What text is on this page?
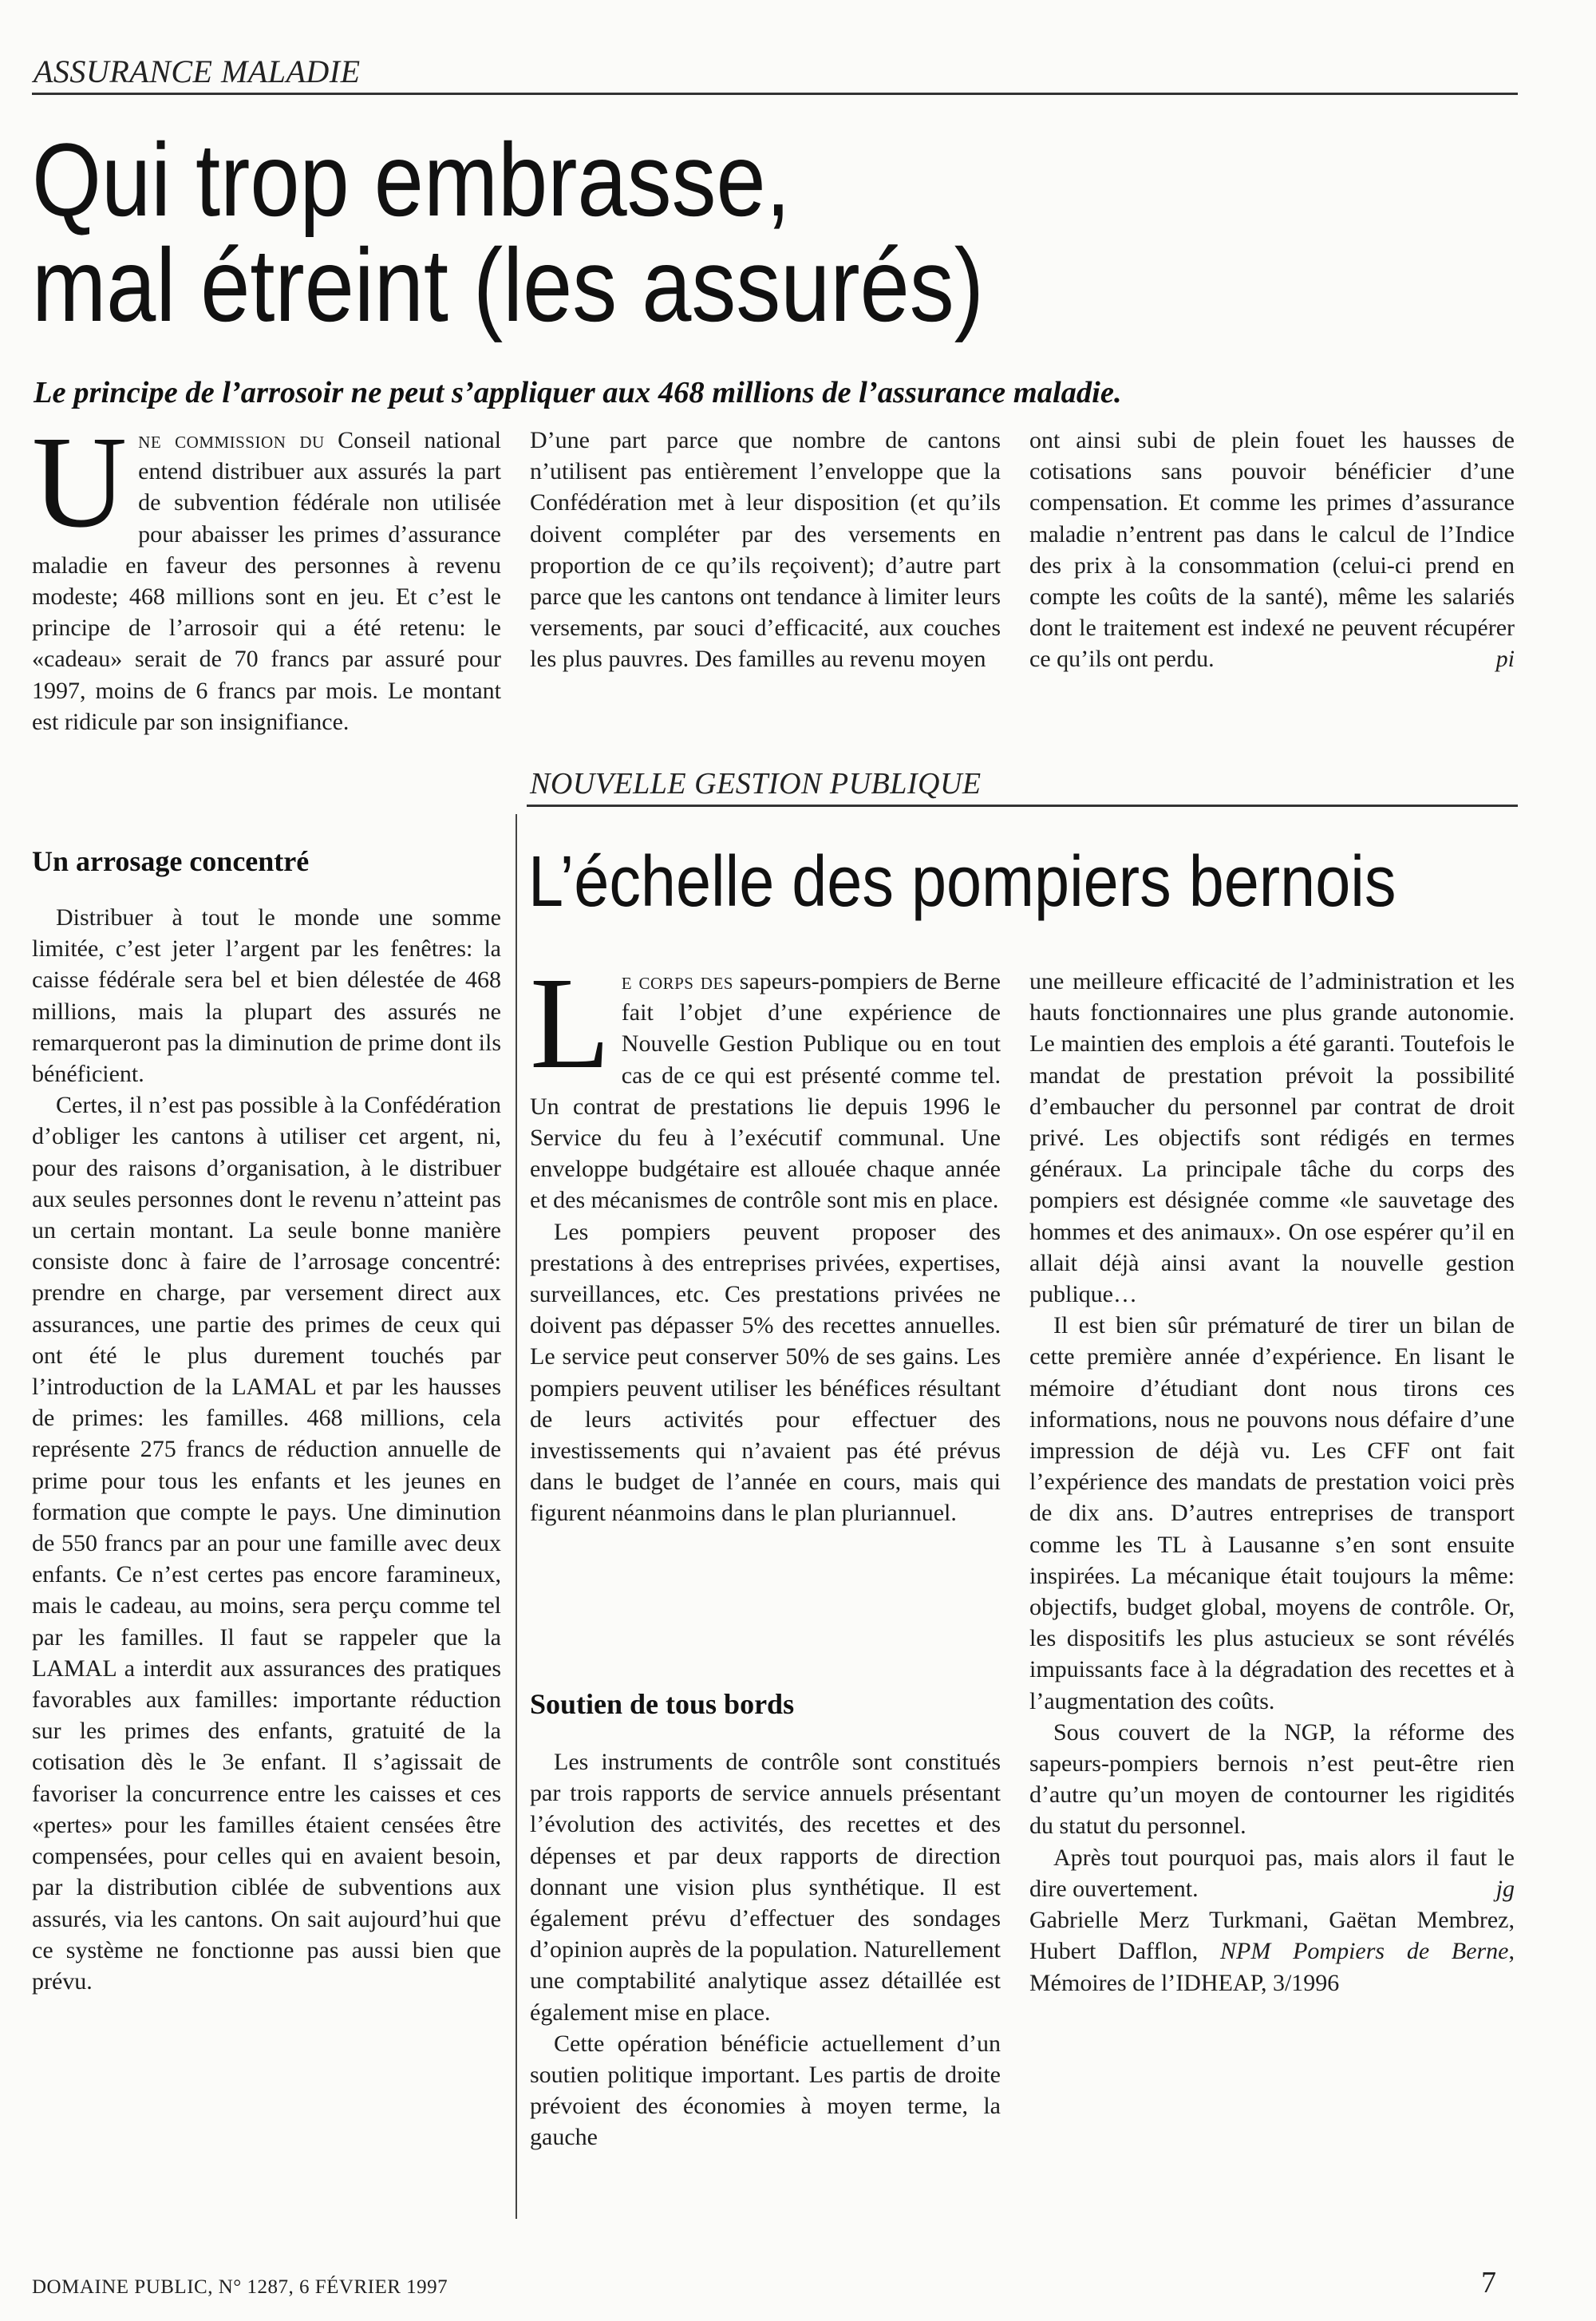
ASSURANCE MALADIE
Qui trop embrasse,
mal étreint (les assurés)
Le principe de l’arrosoir ne peut s’appliquer aux 468 millions de l’assurance maladie.

Une commission du Conseil national entend distribuer aux assurés la part de subvention fédérale non utilisée pour abaisser les primes d’assurance maladie en faveur des personnes à revenu modeste; 468 millions sont en jeu. Et c’est le principe de l’arrosoir qui a été retenu: le «cadeau» serait de 70 francs par assuré pour 1997, moins de 6 francs par mois. Le montant est ridicule par son insignifiance.

Un arrosage concentré

Distribuer à tout le monde une somme limitée, c’est jeter l’argent par les fenêtres: la caisse fédérale sera bel et bien délestée de 468 millions, mais la plupart des assurés ne remarqueront pas la diminution de prime dont ils bénéficient.

Certes, il n’est pas possible à la Confédération d’obliger les cantons à utiliser cet argent, ni, pour des raisons d’organisation, à le distribuer aux seules personnes dont le revenu n’atteint pas un certain montant. La seule bonne manière consiste donc à faire de l’arrosage concentré: prendre en charge, par versement direct aux assurances, une partie des primes de ceux qui ont été le plus durement touchés par l’introduction de la LAMAL et par les hausses de primes: les familles. 468 millions, cela représente 275 francs de réduction annuelle de prime pour tous les enfants et les jeunes en formation que compte le pays. Une diminution de 550 francs par an pour une famille avec deux enfants. Ce n’est certes pas encore faramineux, mais le cadeau, au moins, sera perçu comme tel par les familles. Il faut se rappeler que la LAMAL a interdit aux assurances des pratiques favorables aux familles: importante réduction sur les primes des enfants, gratuité de la cotisation dès le 3e enfant. Il s’agissait de favoriser la concurrence entre les caisses et ces «pertes» pour les familles étaient censées être compensées, pour celles qui en avaient besoin, par la distribution ciblée de subventions aux assurés, via les cantons. On sait aujourd’hui que ce système ne fonctionne pas aussi bien que prévu.

D’une part parce que nombre de cantons n’utilisent pas entièrement l’enveloppe que la Confédération met à leur disposition (et qu’ils doivent compléter par des versements en proportion de ce qu’ils reçoivent); d’autre part parce que les cantons ont tendance à limiter leurs versements, par souci d’efficacité, aux couches les plus pauvres. Des familles au revenu moyen

ont ainsi subi de plein fouet les hausses de cotisations sans pouvoir bénéficier d’une compensation. Et comme les primes d’assurance maladie n’entrent pas dans le calcul de l’Indice des prix à la consommation (celui-ci prend en compte les coûts de la santé), même les salariés dont le traitement est indexé ne peuvent récupérer ce qu’ils ont perdu.	pi

NOUVELLE GESTION PUBLIQUE
L’échelle des pompiers bernois

Le corps des sapeurs-pompiers de Berne fait l’objet d’une expérience de Nouvelle Gestion Publique ou en tout cas de ce qui est présenté comme tel. Un contrat de prestations lie depuis 1996 le Service du feu à l’exécutif communal. Une enveloppe budgétaire est allouée chaque année et des mécanismes de contrôle sont mis en place.

Les pompiers peuvent proposer des prestations à des entreprises privées, expertises, surveillances, etc. Ces prestations privées ne doivent pas dépasser 5% des recettes annuelles. Le service peut conserver 50% de ses gains. Les pompiers peuvent utiliser les bénéfices résultant de leurs activités pour effectuer des investissements qui n’avaient pas été prévus dans le budget de l’année en cours, mais qui figurent néanmoins dans le plan pluriannuel.

Soutien de tous bords

Les instruments de contrôle sont constitués par trois rapports de service annuels présentant l’évolution des activités, des recettes et des dépenses et par deux rapports de direction donnant une vision plus synthétique. Il est également prévu d’effectuer des sondages d’opinion auprès de la population. Naturellement une comptabilité analytique assez détaillée est également mise en place.

Cette opération bénéficie actuellement d’un soutien politique important. Les partis de droite prévoient des économies à moyen terme, la gauche

une meilleure efficacité de l’administration et les hauts fonctionnaires une plus grande autonomie. Le maintien des emplois a été garanti. Toutefois le mandat de prestation prévoit la possibilité d’embaucher du personnel par contrat de droit privé. Les objectifs sont rédigés en termes généraux. La principale tâche du corps des pompiers est désignée comme «le sauvetage des hommes et des animaux». On ose espérer qu’il en allait déjà ainsi avant la nouvelle gestion publique…

Il est bien sûr prématuré de tirer un bilan de cette première année d’expérience. En lisant le mémoire d’étudiant dont nous tirons ces informations, nous ne pouvons nous défaire d’une impression de déjà vu. Les CFF ont fait l’expérience des mandats de prestation voici près de dix ans. D’autres entreprises de transport comme les TL à Lausanne s’en sont ensuite inspirées. La mécanique était toujours la même: objectifs, budget global, moyens de contrôle. Or, les dispositifs les plus astucieux se sont révélés impuissants face à la dégradation des recettes et à l’augmentation des coûts.

Sous couvert de la NGP, la réforme des sapeurs-pompiers bernois n’est peut-être rien d’autre qu’un moyen de contourner les rigidités du statut du personnel.

Après tout pourquoi pas, mais alors il faut le dire ouvertement.	jg

Gabrielle Merz Turkmani, Gaëtan Membrez, Hubert Dafflon, NPM Pompiers de Berne, Mémoires de l’IDHEAP, 3/1996

DOMAINE PUBLIC, N° 1287, 6 FÉVRIER 1997	7
